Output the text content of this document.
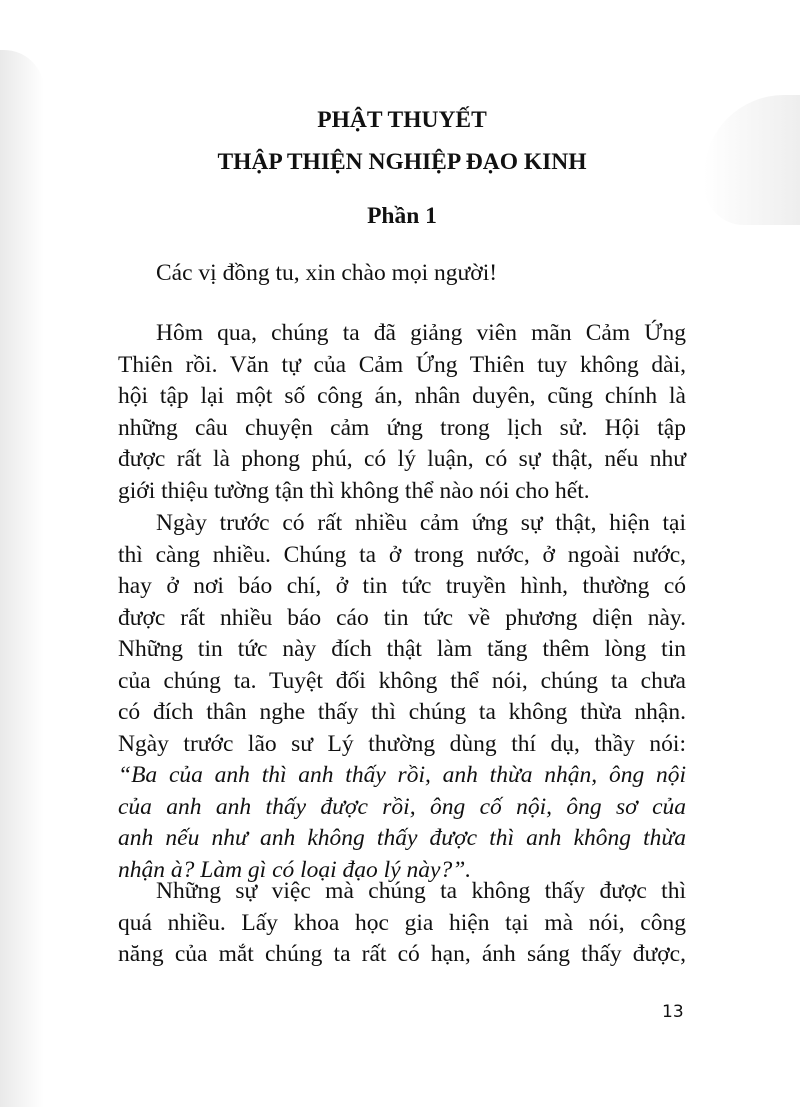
PHẬT THUYẾT
THẬP THIỆN NGHIỆP ĐẠO KINH
Phần 1

Các vị đồng tu, xin chào mọi người!

Hôm qua, chúng ta đã giảng viên mãn Cảm Ứng
Thiên rồi. Văn tự của Cảm Ứng Thiên tuy không dài,
hội tập lại một số công án, nhân duyên, cũng chính là
những câu chuyện cảm ứng trong lịch sử. Hội tập
được rất là phong phú, có lý luận, có sự thật, nếu như
giới thiệu tường tận thì không thể nào nói cho hết.
Ngày trước có rất nhiều cảm ứng sự thật, hiện tại
thì càng nhiều. Chúng ta ở trong nước, ở ngoài nước,
hay ở nơi báo chí, ở tin tức truyền hình, thường có
được rất nhiều báo cáo tin tức về phương diện này.
Những tin tức này đích thật làm tăng thêm lòng tin
của chúng ta. Tuyệt đối không thể nói, chúng ta chưa
có đích thân nghe thấy thì chúng ta không thừa nhận.
Ngày trước lão sư Lý thường dùng thí dụ, thầy nói:
“Ba của anh thì anh thấy rồi, anh thừa nhận, ông nội
của anh anh thấy được rồi, ông cố nội, ông sơ của
anh nếu như anh không thấy được thì anh không thừa
nhận à? Làm gì có loại đạo lý này?”.
Những sự việc mà chúng ta không thấy được thì
quá nhiều. Lấy khoa học gia hiện tại mà nói, công
năng của mắt chúng ta rất có hạn, ánh sáng thấy được,

13
